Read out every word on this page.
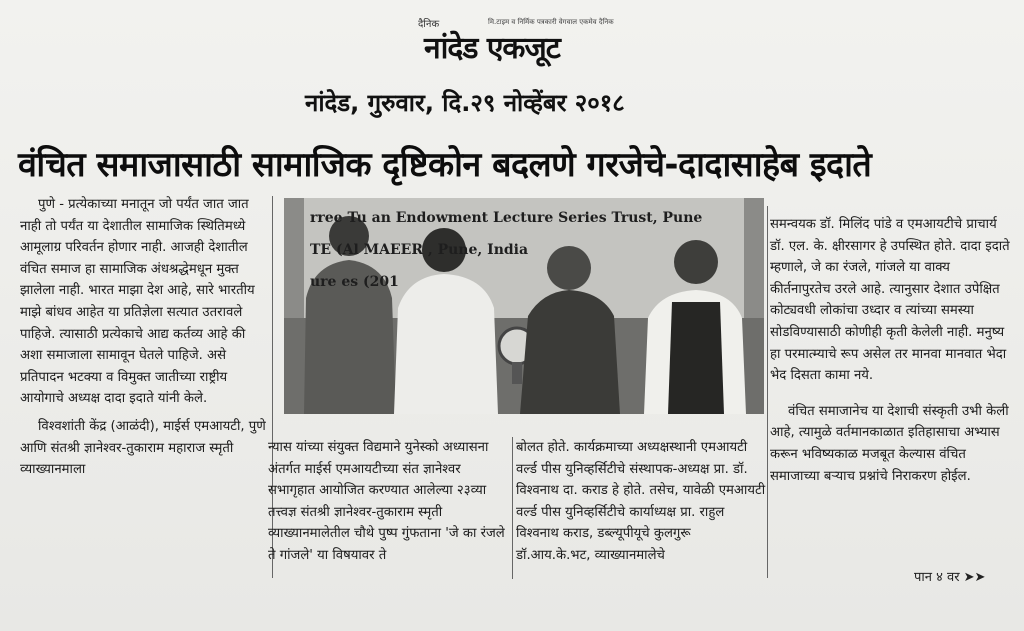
दैनिक	मि.टाइम व निर्मिक पत्रकारी वेगवाल एकमेव दैनिक
नांदेड एकजूट
नांदेड, गुरुवार, दि.२९ नोव्हेंबर २०१८
वंचित समाजासाठी सामाजिक दृष्टिकोन बदलणे गरजेचे-दादासाहेब इदाते

पुणे - प्रत्येकाच्या मनातून जो पर्यंत जात जात नाही तो पर्यंत या देशातील सामाजिक स्थितिमध्ये आमूलाग्र परिवर्तन होणार नाही. आजही देशातील वंचित समाज हा सामाजिक अंधश्रद्धेमधून मुक्त झालेला नाही. भारत माझा देश आहे, सारे भारतीय माझे बांधव आहेत या प्रतिज्ञेला सत्यात उतरावले पाहिजे. त्यासाठी प्रत्येकाचे आद्य कर्तव्य आहे की अशा समाजाला सामावून घेतले पाहिजे. असे प्रतिपादन भटक्या व विमुक्त जातीच्या राष्ट्रीय आयोगाचे अध्यक्ष दादा इदाते यांनी केले.

विश्वशांती केंद्र (आळंदी), माईर्स एमआयटी, पुणे आणि संतश्री ज्ञानेश्वर-तुकाराम महाराज स्मृती व्याख्यानमाला

rree Tu an Endowment Lecture Series Trust, Pune
TE (Al MAEER , Pune, India
ure es (201

न्यास यांच्या संयुक्त विद्यमाने युनेस्को अध्यासना अंतर्गत माईर्स एमआयटीच्या संत ज्ञानेश्वर सभागृहात आयोजित करण्यात आलेल्या २३व्या तत्त्वज्ञ संतश्री ज्ञानेश्वर-तुकाराम स्मृती व्याख्यानमालेतील चौथे पुष्प गुंफताना 'जे का रंजले ते गांजले' या विषयावर ते

बोलत होते. कार्यक्रमाच्या अध्यक्षस्थानी एमआयटी वर्ल्ड पीस युनिव्हर्सिटीचे संस्थापक-अध्यक्ष प्रा. डॉ. विश्वनाथ दा. कराड हे होते. तसेच, यावेळी एमआयटी वर्ल्ड पीस युनिव्हर्सिटीचे कार्याध्यक्ष प्रा. राहुल विश्वनाथ कराड, डब्ल्यूपीयूचे कुलगुरू डॉ.आय.के.भट, व्याख्यानमालेचे

समन्वयक डॉ. मिलिंद पांडे व एमआयटीचे प्राचार्य डॉ. एल. के. क्षीरसागर हे उपस्थित होते. दादा इदाते म्हणाले, जे का रंजले, गांजले या वाक्य कीर्तनापुरतेच उरले आहे. त्यानुसार देशात उपेक्षित कोट्यवधी लोकांचा उध्दार व त्यांच्या समस्या सोडविण्यासाठी कोणीही कृती केलेली नाही. मनुष्य हा परमात्म्याचे रूप असेल तर मानवा मानवात भेदा भेद दिसता कामा नये.

वंचित समाजानेच या देशाची संस्कृती उभी केली आहे, त्यामुळे वर्तमानकाळात इतिहासाचा अभ्यास करून भविष्यकाळ मजबूत केल्यास वंचित समाजाच्या बऱ्याच प्रश्नांचे निराकरण होईल.

पान ४ वर ➤➤
